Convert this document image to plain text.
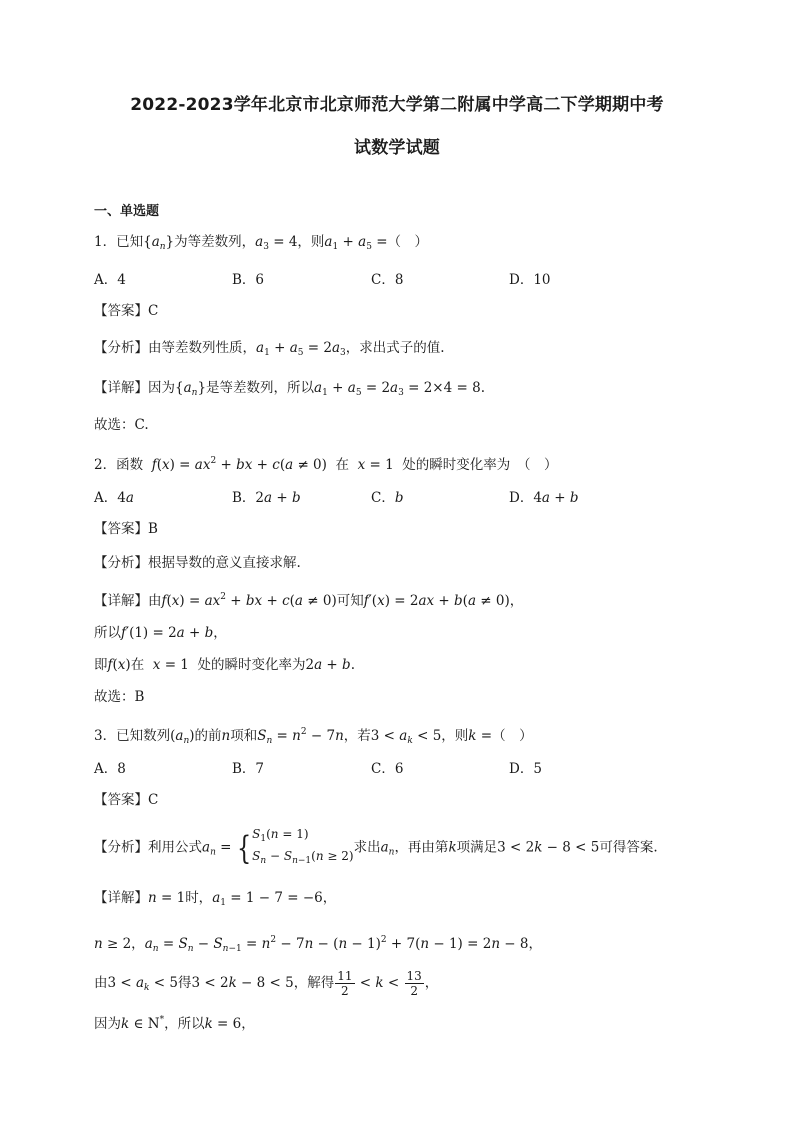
2022-2023学年北京市北京师范大学第二附属中学高二下学期期中考
试数学试题
一、单选题
1．已知$\{a_n\}$为等差数列，$a_3 = 4$，则$a_1 + a_5$ =（　）
A．4	B．6	C．8	D．10
【答案】C
【分析】由等差数列性质，$a_1 + a_5 = 2a_3$，求出式子的值.
【详解】因为$\{a_n\}$是等差数列，所以$a_1 + a_5 = 2a_3 = 2\times 4 = 8$.
故选：C.
2．函数 $f(x) = ax^2$ + bx + c(a ≠ 0)  在 x = 1  处的瞬时变化率为　（　）
A．4a	B．2a + b	C．b	D．4a + b
【答案】B
【分析】根据导数的意义直接求解.
【详解】由$f(x) = ax^2$ + bx + c(a ≠ 0)可知f′(x) = 2ax + b(a ≠ 0)，
所以f′(1) = 2a + b，
即f(x)在 x = 1  处的瞬时变化率为2a + b.
故选：B
3．已知数列$(a_n)$的前n项和$S_n = n^2 - 7n$，若$3 < a_k < 5$，则k =（　）
A．8	B．7	C．6	D．5
【答案】C
【分析】利用公式$a_n = \{S_1(n = 1)$
$S_n - S_{n-1}(n \ge 2)$求出$a_n$，再由第k项满足3 < 2k − 8 < 5可得答案.
【详解】n = 1时，$a_1 = 1 - 7 = -6$，
n ≥ 2，$a_n = S_n - S_{n-1} = n^2 - 7n - (n - 1)^2 + 7(n - 1) = 2n - 8$，
由$3 < a_k < 5$得3 < 2k − 8 < 5，解得 $\frac{11}{2} < k < \frac{13}{2}$ ，
因为k ∈ N*，所以k = 6，
